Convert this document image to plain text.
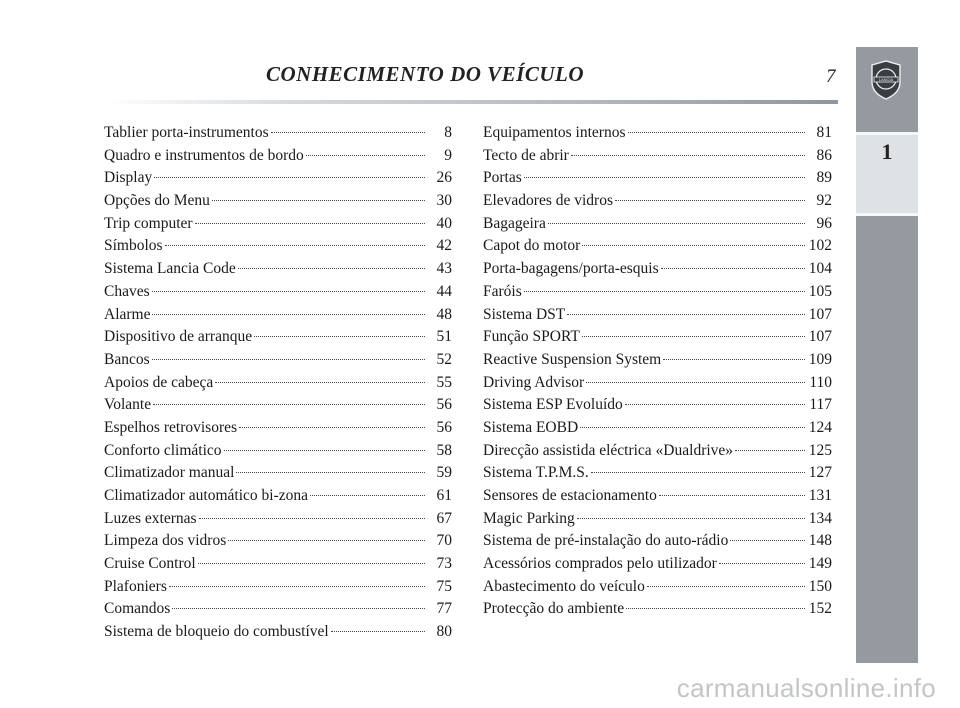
CONHECIMENTO DO VEÍCULO	7	LANCIA
1
Tablier porta-instrumentos	8
Quadro e instrumentos de bordo	9
Display	26
Opções do Menu	30
Trip computer	40
Símbolos	42
Sistema Lancia Code	43
Chaves	44
Alarme	48
Dispositivo de arranque	51
Bancos	52
Apoios de cabeça	55
Volante	56
Espelhos retrovisores	56
Conforto climático	58
Climatizador manual	59
Climatizador automático bi-zona	61
Luzes externas	67
Limpeza dos vidros	70
Cruise Control	73
Plafoniers	75
Comandos	77
Sistema de bloqueio do combustível	80
Equipamentos internos	81
Tecto de abrir	86
Portas	89
Elevadores de vidros	92
Bagageira	96
Capot do motor	102
Porta-bagagens/porta-esquis	104
Faróis	105
Sistema DST	107
Função SPORT	107
Reactive Suspension System	109
Driving Advisor	110
Sistema ESP Evoluído	117
Sistema EOBD	124
Direcção assistida eléctrica «Dualdrive»	125
Sistema T.P.M.S.	127
Sensores de estacionamento	131
Magic Parking	134
Sistema de pré-instalação do auto-rádio	148
Acessórios comprados pelo utilizador	149
Abastecimento do veículo	150
Protecção do ambiente	152
carmanualsonline.info
